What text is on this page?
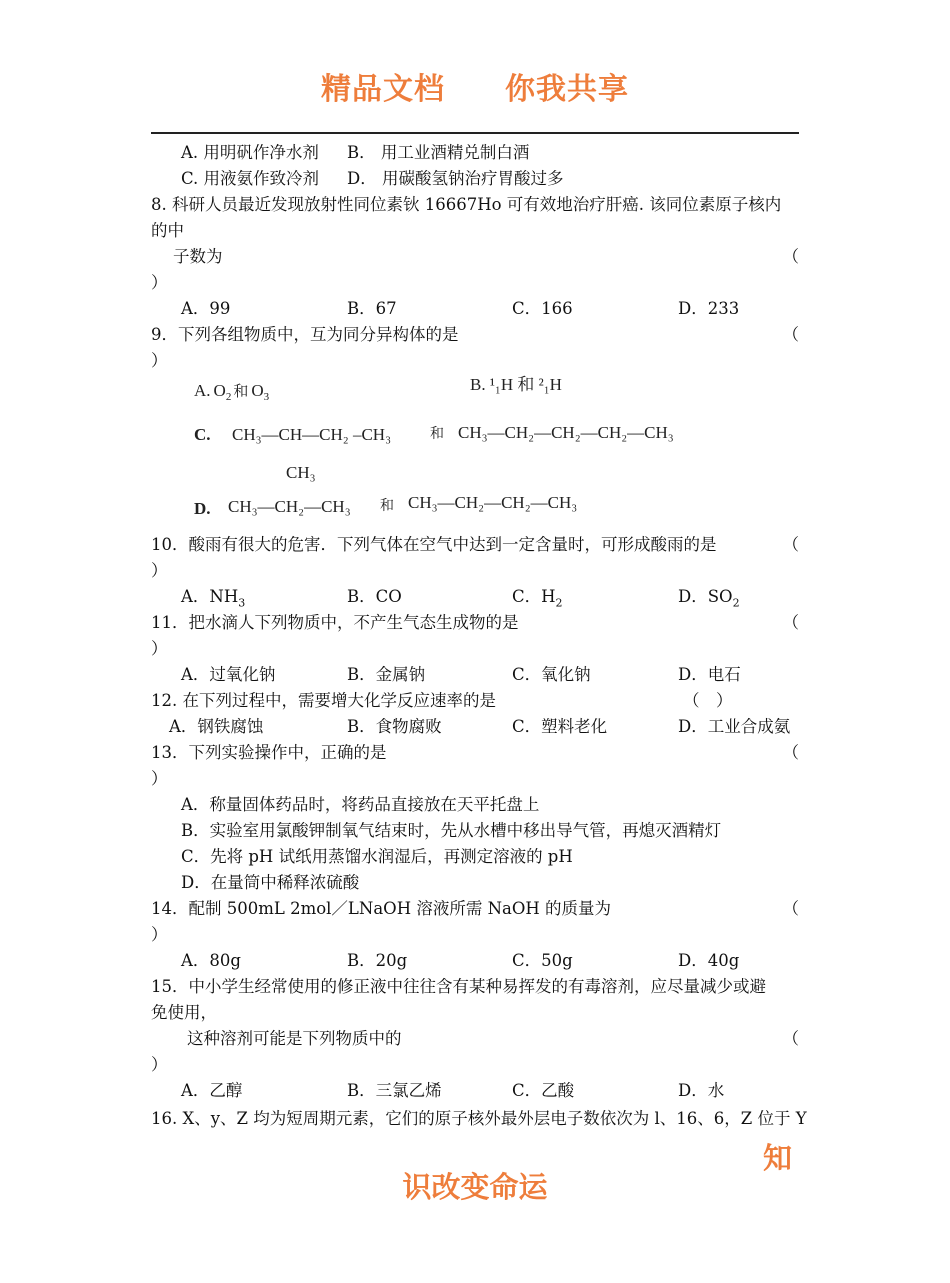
精品文档 你我共享
A. 用明矾作净水剂 B． 用工业酒精兑制白酒
C. 用液氨作致冷剂 D． 用碳酸氢钠治疗胃酸过多
8. 科研人员最近发现放射性同位素钬 16667Ho 可有效地治疗肝癌. 该同位素原子核内
的中
子数为	（
）
A．99	B．67	C．166	D．233
9．下列各组物质中，互为同分异构体的是	（
）
A. $O_2$ 和 $O_3$
B. ¹₁H 和 ²₁H
C. CH₃—CH—CH₂ –CH₃	和 CH₃—CH₂—CH₂—CH₂—CH₃
CH₃
D. CH₃—CH₂—CH₃ 和 CH₃—CH₂—CH₂—CH₃
10．酸雨有很大的危害．下列气体在空气中达到一定含量时，可形成酸雨的是	（
）
A．$NH_3$	B．CO	C．$H_2$	D．$SO_2$
11．把水滴人下列物质中，不产生气态生成物的是	（
）
A．过氧化钠	B．金属钠	C．氧化钠	D．电石
12. 在下列过程中，需要增大化学反应速率的是	（　）
A．钢铁腐蚀	B．食物腐败	C．塑料老化	D．工业合成氨
13．下列实验操作中，正确的是	（
）
A．称量固体药品时，将药品直接放在天平托盘上
B．实验室用氯酸钾制氧气结束时，先从水槽中移出导气管，再熄灭酒精灯
C．先将 pH 试纸用蒸馏水润湿后，再测定溶液的 pH
D．在量筒中稀释浓硫酸
14．配制 500mL 2mol／LNaOH 溶液所需 NaOH 的质量为	（
）
A．80g	B．20g	C．50g	D．40g
15．中小学生经常使用的修正液中往往含有某种易挥发的有毒溶剂，应尽量减少或避
免使用，
这种溶剂可能是下列物质中的	（
）
A．乙醇	B．三氯乙烯	C．乙酸	D．水
16. X、y、Z 均为短周期元素，它们的原子核外最外层电子数依次为 l、16、6，Z 位于 Y
知
识改变命运
